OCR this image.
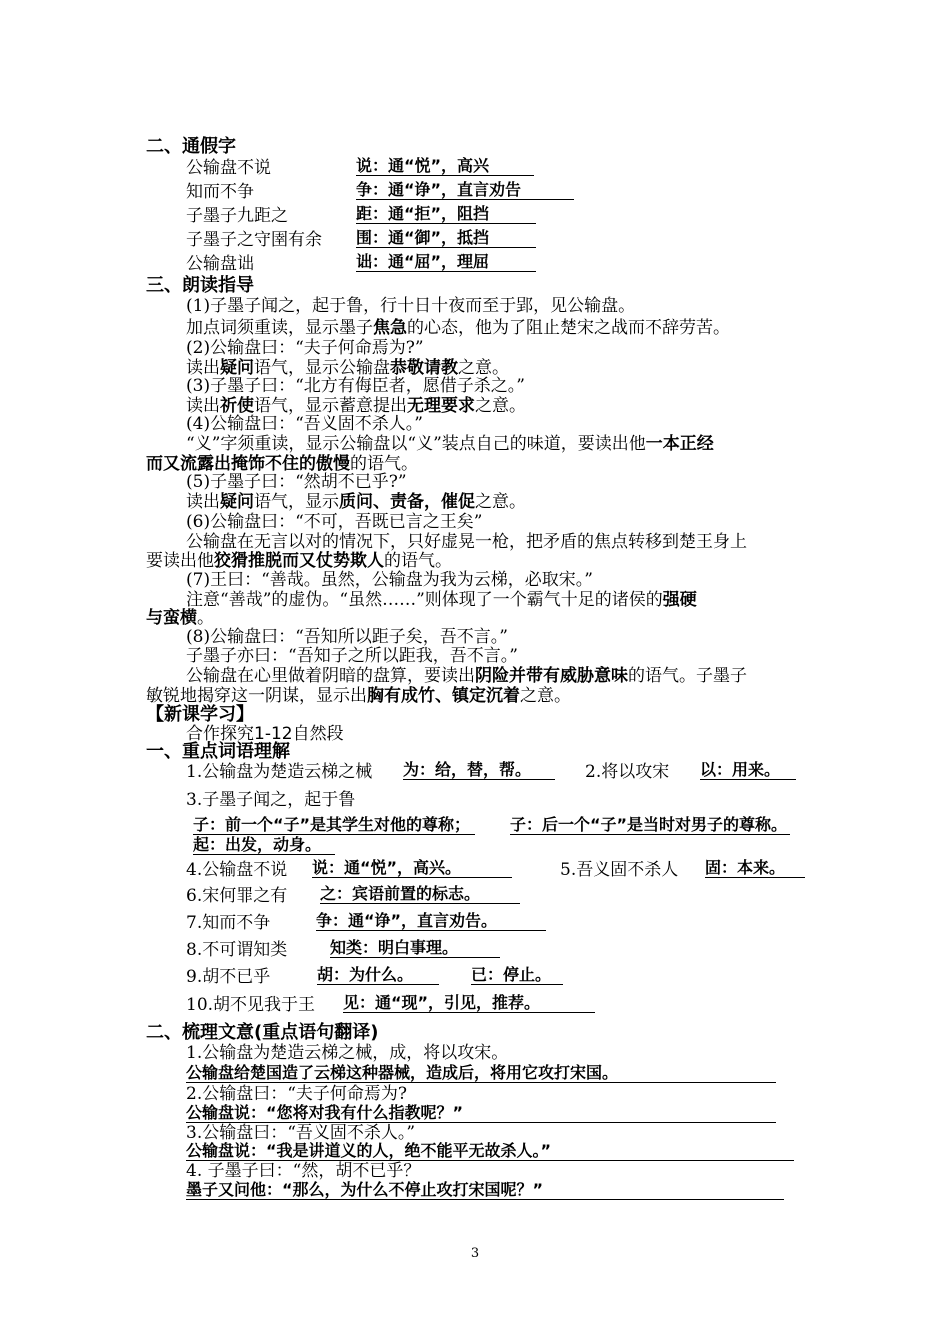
二、通假字
公输盘不说	说：通“悦”，高兴
知而不争	争：通“诤”，直言劝告
子墨子九距之	距：通“拒”，阻挡
子墨子之守圉有余 围：通“御”，抵挡
公输盘诎	诎：通“屈”，理屈
三、朗读指导
(1)子墨子闻之，起于鲁，行十日十夜而至于郢，见公输盘。
加点词须重读，显示墨子焦急的心态，他为了阻止楚宋之战而不辞劳苦。
(2)公输盘曰：“夫子何命焉为?”
读出疑问语气，显示公输盘恭敬请教之意。
(3)子墨子曰：“北方有侮臣者，愿借子杀之。”
读出祈使语气，显示蓄意提出无理要求之意。
(4)公输盘曰：“吾义固不杀人。”
“义”字须重读，显示公输盘以“义”装点自己的味道，要读出他一本正经
而又流露出掩饰不住的傲慢的语气。
(5)子墨子曰：“然胡不已乎?”
读出疑问语气，显示质问、责备，催促之意。
(6)公输盘曰：“不可，吾既已言之王矣”
公输盘在无言以对的情况下，只好虚晃一枪，把矛盾的焦点转移到楚王身上
要读出他狡猾推脱而又仗势欺人的语气。
(7)王曰：“善哉。虽然，公输盘为我为云梯，必取宋。”
注意“善哉”的虚伪。“虽然……”则体现了一个霸气十足的诸侯的强硬
与蛮横。
(8)公输盘曰：“吾知所以距子矣，吾不言。”
子墨子亦曰：“吾知子之所以距我，吾不言。”
公输盘在心里做着阴暗的盘算，要读出阴险并带有威胁意味的语气。子墨子
敏锐地揭穿这一阴谋，显示出胸有成竹、镇定沉着之意。
【新课学习】
合作探究1-12自然段
一、重点词语理解
1.公输盘为楚造云梯之械 为：给，替，帮。	2.将以攻宋 以：用来。
3.子墨子闻之，起于鲁
子：前一个“子”是其学生对他的尊称；	子：后一个“子”是当时对男子的尊称。
起：出发，动身。
4.公输盘不说 说：通“悦”，高兴。	5.吾义固不杀人 固：本来。
6.宋何罪之有 之：宾语前置的标志。
7.知而不争	争：通“诤”，直言劝告。
8.不可谓知类	知类：明白事理。
9.胡不已乎	胡：为什么。	已：停止。
10.胡不见我于王 见：通“现”，引见，推荐。
二、梳理文意(重点语句翻译)
1.公输盘为楚造云梯之械，成，将以攻宋。
公输盘给楚国造了云梯这种器械，造成后，将用它攻打宋国。
2.公输盘曰：“夫子何命焉为?
公输盘说：“您将对我有什么指教呢？”
3.公输盘曰：“吾义固不杀人。”
公输盘说：“我是讲道义的人，绝不能平无故杀人。”
4. 子墨子曰：“然，胡不已乎？
墨子又问他：“那么，为什么不停止攻打宋国呢？”
3
